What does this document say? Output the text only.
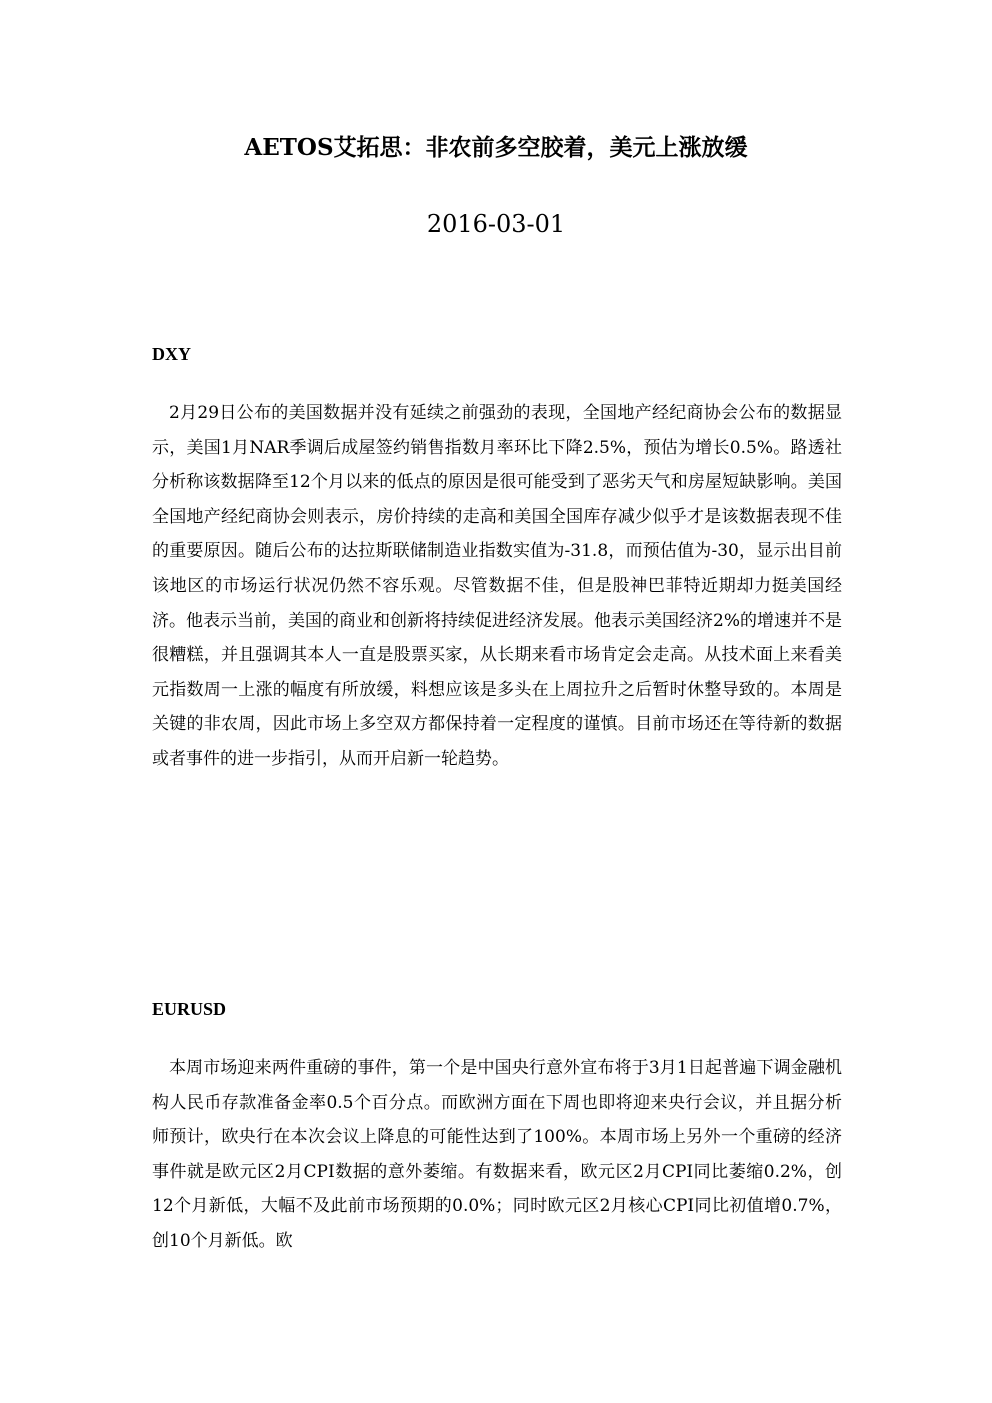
AETOS艾拓思：非农前多空胶着，美元上涨放缓
2016-03-01
DXY

2月29日公布的美国数据并没有延续之前强劲的表现，全国地产经纪商协会公布的数据显示，美国1月NAR季调后成屋签约销售指数月率环比下降2.5%，预估为增长0.5%。路透社分析称该数据降至12个月以来的低点的原因是很可能受到了恶劣天气和房屋短缺影响。美国全国地产经纪商协会则表示，房价持续的走高和美国全国库存减少似乎才是该数据表现不佳的重要原因。随后公布的达拉斯联储制造业指数实值为-31.8，而预估值为-30，显示出目前该地区的市场运行状况仍然不容乐观。尽管数据不佳，但是股神巴菲特近期却力挺美国经济。他表示当前，美国的商业和创新将持续促进经济发展。他表示美国经济2%的增速并不是很糟糕，并且强调其本人一直是股票买家，从长期来看市场肯定会走高。从技术面上来看美元指数周一上涨的幅度有所放缓，料想应该是多头在上周拉升之后暂时休整导致的。本周是关键的非农周，因此市场上多空双方都保持着一定程度的谨慎。目前市场还在等待新的数据或者事件的进一步指引，从而开启新一轮趋势。

EURUSD

本周市场迎来两件重磅的事件，第一个是中国央行意外宣布将于3月1日起普遍下调金融机构人民币存款准备金率0.5个百分点。而欧洲方面在下周也即将迎来央行会议，并且据分析师预计，欧央行在本次会议上降息的可能性达到了100%。本周市场上另外一个重磅的经济事件就是欧元区2月CPI数据的意外萎缩。有数据来看，欧元区2月CPI同比萎缩0.2%，创12个月新低，大幅不及此前市场预期的0.0%；同时欧元区2月核心CPI同比初值增0.7%，创10个月新低。欧
